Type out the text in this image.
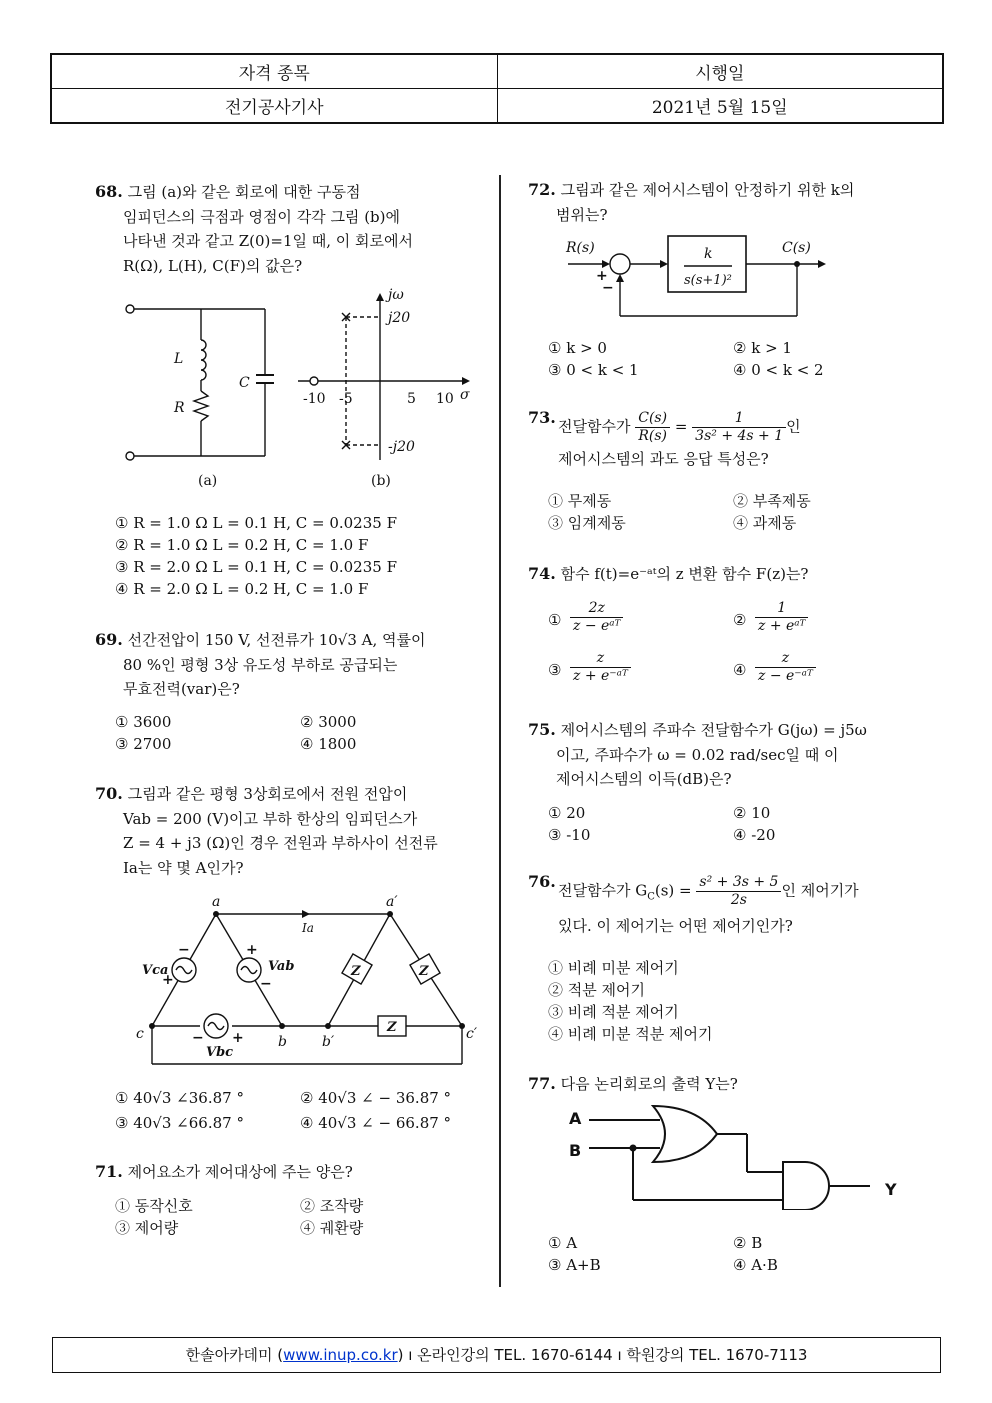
자격 종목	시행일
전기공사기사	2021년 5월 15일
68. 그림 (a)와 같은 회로에 대한 구동점
임피던스의 극점과 영점이 각각 그림 (b)에
나타낸 것과 같고 Z(0)=1일 때, 이 회로에서
R(Ω), L(H), C(F)의 값은?
L
R
C
(a)
jω
j20
-j20
σ
-10 -5	5 10
(b)
① R = 1.0 Ω L = 0.1 H, C = 0.0235 F
② R = 1.0 Ω L = 0.2 H, C = 1.0 F
③ R = 2.0 Ω L = 0.1 H, C = 0.0235 F
④ R = 2.0 Ω L = 0.2 H, C = 1.0 F
69. 선간전압이 150 V, 선전류가 10√3 A, 역률이
80 %인 평형 3상 유도성 부하로 공급되는
무효전력(var)은?
① 3600	② 3000
③ 2700	④ 1800
70. 그림과 같은 평형 3상회로에서 전원 전압이
Vab = 200 (V)이고 부하 한상의 임피던스가
Z = 4 + j3 (Ω)인 경우 전원과 부하사이 선전류
Ia는 약 몇 A인가?
a	a′
b	b′
c	c′
Ia
Vca	Vab
Vbc
Z	Z
Z
−
+
+
−
− +
① 40√3 ∠36.87 °	② 40√3 ∠ − 36.87 °
③ 40√3 ∠66.87 °	④ 40√3 ∠ − 66.87 °
71. 제어요소가 제어대상에 주는 양은?
① 동작신호	② 조작량
③ 제어량	④ 궤환량
72. 그림과 같은 제어시스템이 안정하기 위한 k의
범위는?
R(s)	C(s)
k
s(s+1)²
+
−
① k > 0	② k > 1
③ 0 < k < 1	④ 0 < k < 2
73. 전달함수가 $\frac{C(s)}{R(s)} = \frac{1}{\text{3s² + 4s + 1}}$ 인
제어시스템의 과도 응답 특성은?
① 무제동	② 부족제동
③ 임계제동	④ 과제동
74. 함수 f(t)=e⁻ᵃᵗ의 z 변환 함수 F(z)는?
①
2z
z − eᵃᵀ	②
1
z + eᵃᵀ
③ $\frac{z}{\text{z + e⁻ᵃᵀ}}$	④ $\frac{z}{\text{z − e⁻ᵃᵀ}}$
75. 제어시스템의 주파수 전달함수가 G(jω) = j5ω
이고, 주파수가 ω = 0.02 rad/sec일 때 이
제어시스템의 이득(dB)은?
① 20	② 10
③ -10	④ -20
76. 전달함수가 $G_C(s) = \frac{\text{s² + 3s + 5}}{2s}$ 인 제어기가
있다. 이 제어기는 어떤 제어기인가?
① 비례 미분 제어기
② 적분 제어기
③ 비례 적분 제어기
④ 비례 미분 적분 제어기
77. 다음 논리회로의 출력 Y는?
A
B
Y
① A	② B
③ A+B	④ A·B
한솔아카데미 (www.inup.co.kr) ı 온라인강의 TEL. 1670-6144 ı 학원강의 TEL. 1670-7113
